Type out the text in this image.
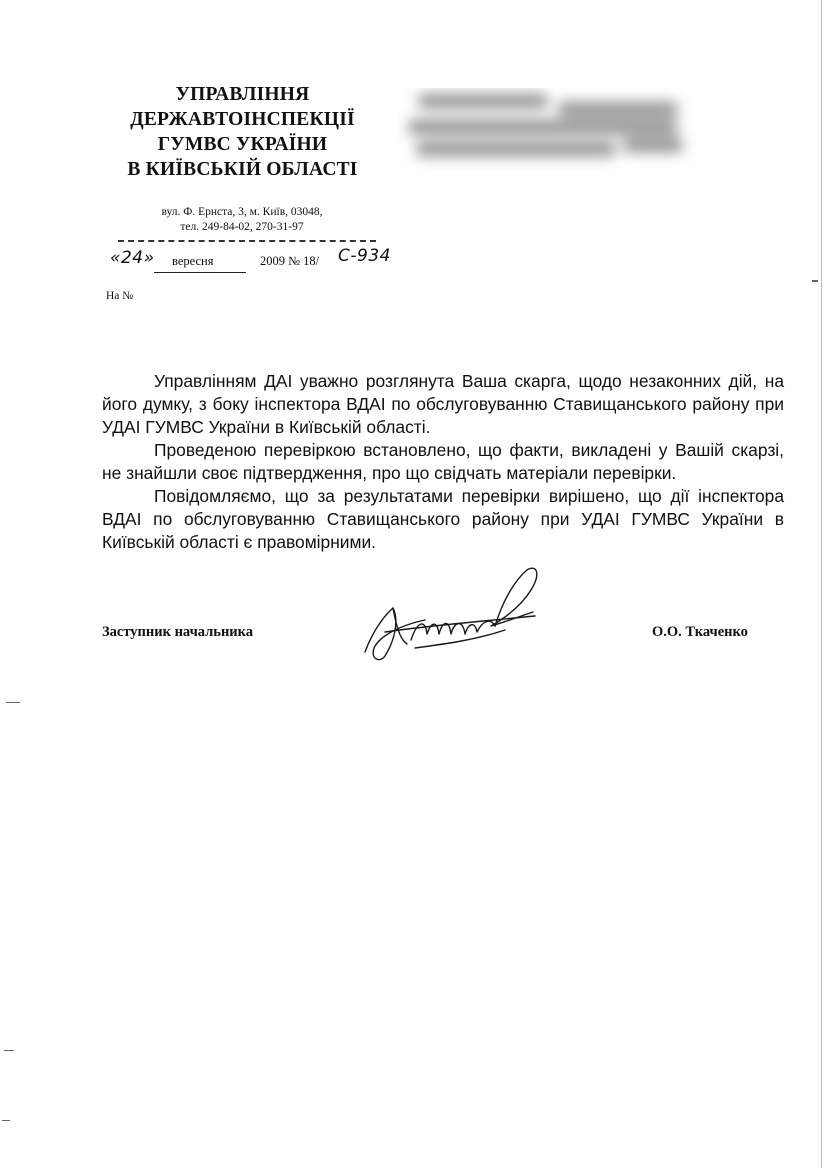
УПРАВЛІННЯ
ДЕРЖАВТОІНСПЕКЦІЇ
ГУМВС УКРАЇНИ
В КИЇВСЬКІЙ ОБЛАСТІ
вул. Ф. Ернста, 3, м. Київ, 03048,
тел. 249-84-02, 270-31-97
«24» вересня	2009 № 18/ С-934
На №

Управлінням ДАІ уважно розглянута Ваша скарга, щодо незаконних дій, на його думку, з боку інспектора ВДАІ по обслуговуванню Ставищанського району при УДАІ ГУМВС України в Київській області.

Проведеною перевіркою встановлено, що факти, викладені у Вашій скарзі, не знайшли своє підтвердження, про що свідчать матеріали перевірки.

Повідомляємо, що за результатами перевірки вирішено, що дії інспектора ВДАІ по обслуговуванню Ставищанського району при УДАІ ГУМВС України в Київській області є правомірними.

Заступник начальника	О.О. Ткаченко
